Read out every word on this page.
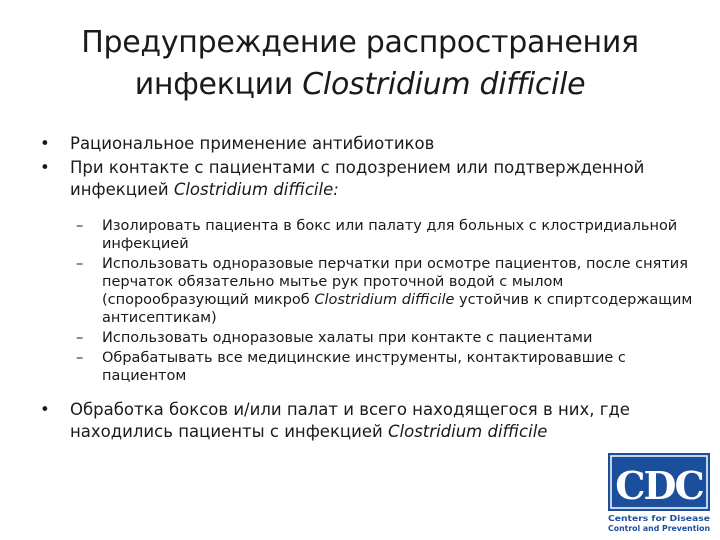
Предупреждение распространения
инфекции Clostridium difficile
• Рациональное применение антибиотиков
• При контакте с пациентами с подозрением или подтвержденной инфекцией Clostridium difficile:
– Изолировать пациента в бокс или палату для больных с клостридиальной инфекцией
– Использовать одноразовые перчатки при осмотре пациентов, после снятия перчаток обязательно мытье рук проточной водой с мылом (спорообразующий микроб Clostridium difficile устойчив к спиртсодержащим антисептикам)
– Использовать одноразовые халаты при контакте с пациентами
– Обрабатывать все медицинские инструменты, контактировавшие с пациентом
• Обработка боксов и/или палат и всего находящегося в них, где находились пациенты с инфекцией Clostridium difficile
CDC
Centers for Disease
Control and Prevention
